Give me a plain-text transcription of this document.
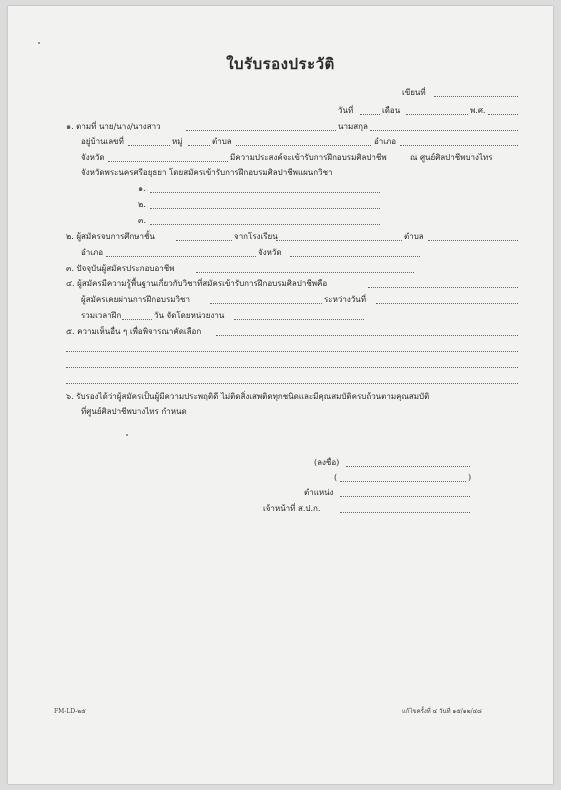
ใบรับรองประวัติ
เขียนที่
วันที่	เดือน	พ.ศ.
๑. ตามที่ นาย/นาง/นางสาว	นามสกุล
อยู่บ้านเลขที่	หมู่	ตำบล	อำเภอ
จังหวัด	มีความประสงค์จะเข้ารับการฝึกอบรมศิลปาชีพ	ณ ศูนย์ศิลปาชีพบางไทร
จังหวัดพระนครศรีอยุธยา โดยสมัครเข้ารับการฝึกอบรมศิลปาชีพแผนกวิชา
๑.
๒.
๓.
๒. ผู้สมัครจบการศึกษาชั้น	จากโรงเรียน	ตำบล
อำเภอ	จังหวัด
๓. ปัจจุบันผู้สมัครประกอบอาชีพ
๔. ผู้สมัครมีความรู้พื้นฐานเกี่ยวกับวิชาที่สมัครเข้ารับการฝึกอบรมศิลปาชีพคือ
ผู้สมัครเคยผ่านการฝึกอบรมวิชา	ระหว่างวันที่
รวมเวลาฝึก	วัน จัดโดยหน่วยงาน
๕. ความเห็นอื่น ๆ เพื่อพิจารณาคัดเลือก
๖. รับรองได้ว่าผู้สมัครเป็นผู้มีความประพฤติดี ไม่ติดสิ่งเสพติดทุกชนิดและมีคุณสมบัติครบถ้วนตามคุณสมบัติ
ที่ศูนย์ศิลปาชีพบางไทร กำหนด
(ลงชื่อ)
(	)
ตำแหน่ง
เจ้าหน้าที่ ส.ป.ก.
FM-LD-๒๕	แก้ไขครั้งที่ ๔ วันที่ ๑๕/๑๒/๔๘
